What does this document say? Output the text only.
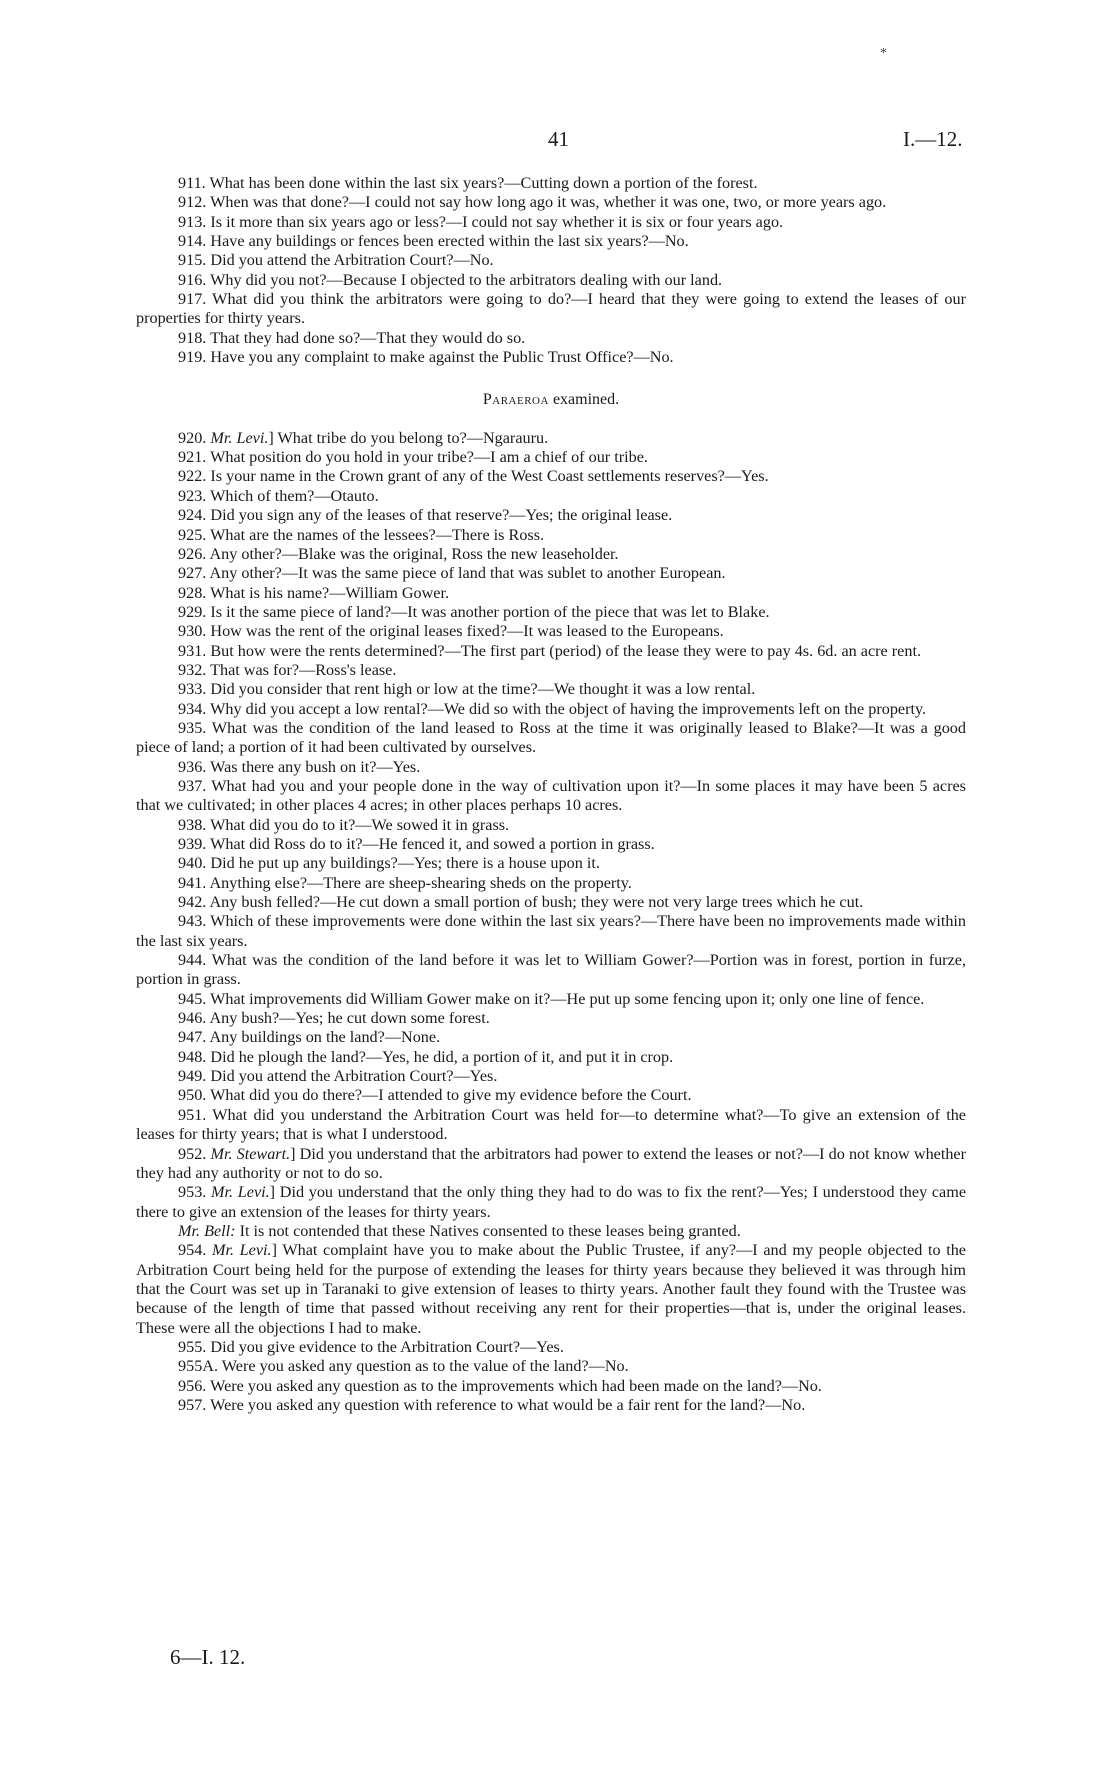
41	I.—12.
*

911. What has been done within the last six years?—Cutting down a portion of the forest.

912. When was that done?—I could not say how long ago it was, whether it was one, two, or more years ago.

913. Is it more than six years ago or less?—I could not say whether it is six or four years ago.

914. Have any buildings or fences been erected within the last six years?—No.

915. Did you attend the Arbitration Court?—No.

916. Why did you not?—Because I objected to the arbitrators dealing with our land.

917. What did you think the arbitrators were going to do?—I heard that they were going to extend the leases of our properties for thirty years.

918. That they had done so?—That they would do so.

919. Have you any complaint to make against the Public Trust Office?—No.

Paraeroa examined.

920. Mr. Levi.] What tribe do you belong to?—Ngarauru.

921. What position do you hold in your tribe?—I am a chief of our tribe.

922. Is your name in the Crown grant of any of the West Coast settlements reserves?—Yes.

923. Which of them?—Otauto.

924. Did you sign any of the leases of that reserve?—Yes; the original lease.

925. What are the names of the lessees?—There is Ross.

926. Any other?—Blake was the original, Ross the new leaseholder.

927. Any other?—It was the same piece of land that was sublet to another European.

928. What is his name?—William Gower.

929. Is it the same piece of land?—It was another portion of the piece that was let to Blake.

930. How was the rent of the original leases fixed?—It was leased to the Europeans.

931. But how were the rents determined?—The first part (period) of the lease they were to pay 4s. 6d. an acre rent.

932. That was for?—Ross's lease.

933. Did you consider that rent high or low at the time?—We thought it was a low rental.

934. Why did you accept a low rental?—We did so with the object of having the improvements left on the property.

935. What was the condition of the land leased to Ross at the time it was originally leased to Blake?—It was a good piece of land; a portion of it had been cultivated by ourselves.

936. Was there any bush on it?—Yes.

937. What had you and your people done in the way of cultivation upon it?—In some places it may have been 5 acres that we cultivated; in other places 4 acres; in other places perhaps 10 acres.

938. What did you do to it?—We sowed it in grass.

939. What did Ross do to it?—He fenced it, and sowed a portion in grass.

940. Did he put up any buildings?—Yes; there is a house upon it.

941. Anything else?—There are sheep-shearing sheds on the property.

942. Any bush felled?—He cut down a small portion of bush; they were not very large trees which he cut.

943. Which of these improvements were done within the last six years?—There have been no improvements made within the last six years.

944. What was the condition of the land before it was let to William Gower?—Portion was in forest, portion in furze, portion in grass.

945. What improvements did William Gower make on it?—He put up some fencing upon it; only one line of fence.

946. Any bush?—Yes; he cut down some forest.

947. Any buildings on the land?—None.

948. Did he plough the land?—Yes, he did, a portion of it, and put it in crop.

949. Did you attend the Arbitration Court?—Yes.

950. What did you do there?—I attended to give my evidence before the Court.

951. What did you understand the Arbitration Court was held for—to determine what?—To give an extension of the leases for thirty years; that is what I understood.

952. Mr. Stewart.] Did you understand that the arbitrators had power to extend the leases or not?—I do not know whether they had any authority or not to do so.

953. Mr. Levi.] Did you understand that the only thing they had to do was to fix the rent?—Yes; I understood they came there to give an extension of the leases for thirty years.

Mr. Bell: It is not contended that these Natives consented to these leases being granted.

954. Mr. Levi.] What complaint have you to make about the Public Trustee, if any?—I and my people objected to the Arbitration Court being held for the purpose of extending the leases for thirty years because they believed it was through him that the Court was set up in Taranaki to give extension of leases to thirty years. Another fault they found with the Trustee was because of the length of time that passed without receiving any rent for their properties—that is, under the original leases. These were all the objections I had to make.

955. Did you give evidence to the Arbitration Court?—Yes.

955A. Were you asked any question as to the value of the land?—No.

956. Were you asked any question as to the improvements which had been made on the land?—No.

957. Were you asked any question with reference to what would be a fair rent for the land?—No.

6—I. 12.
